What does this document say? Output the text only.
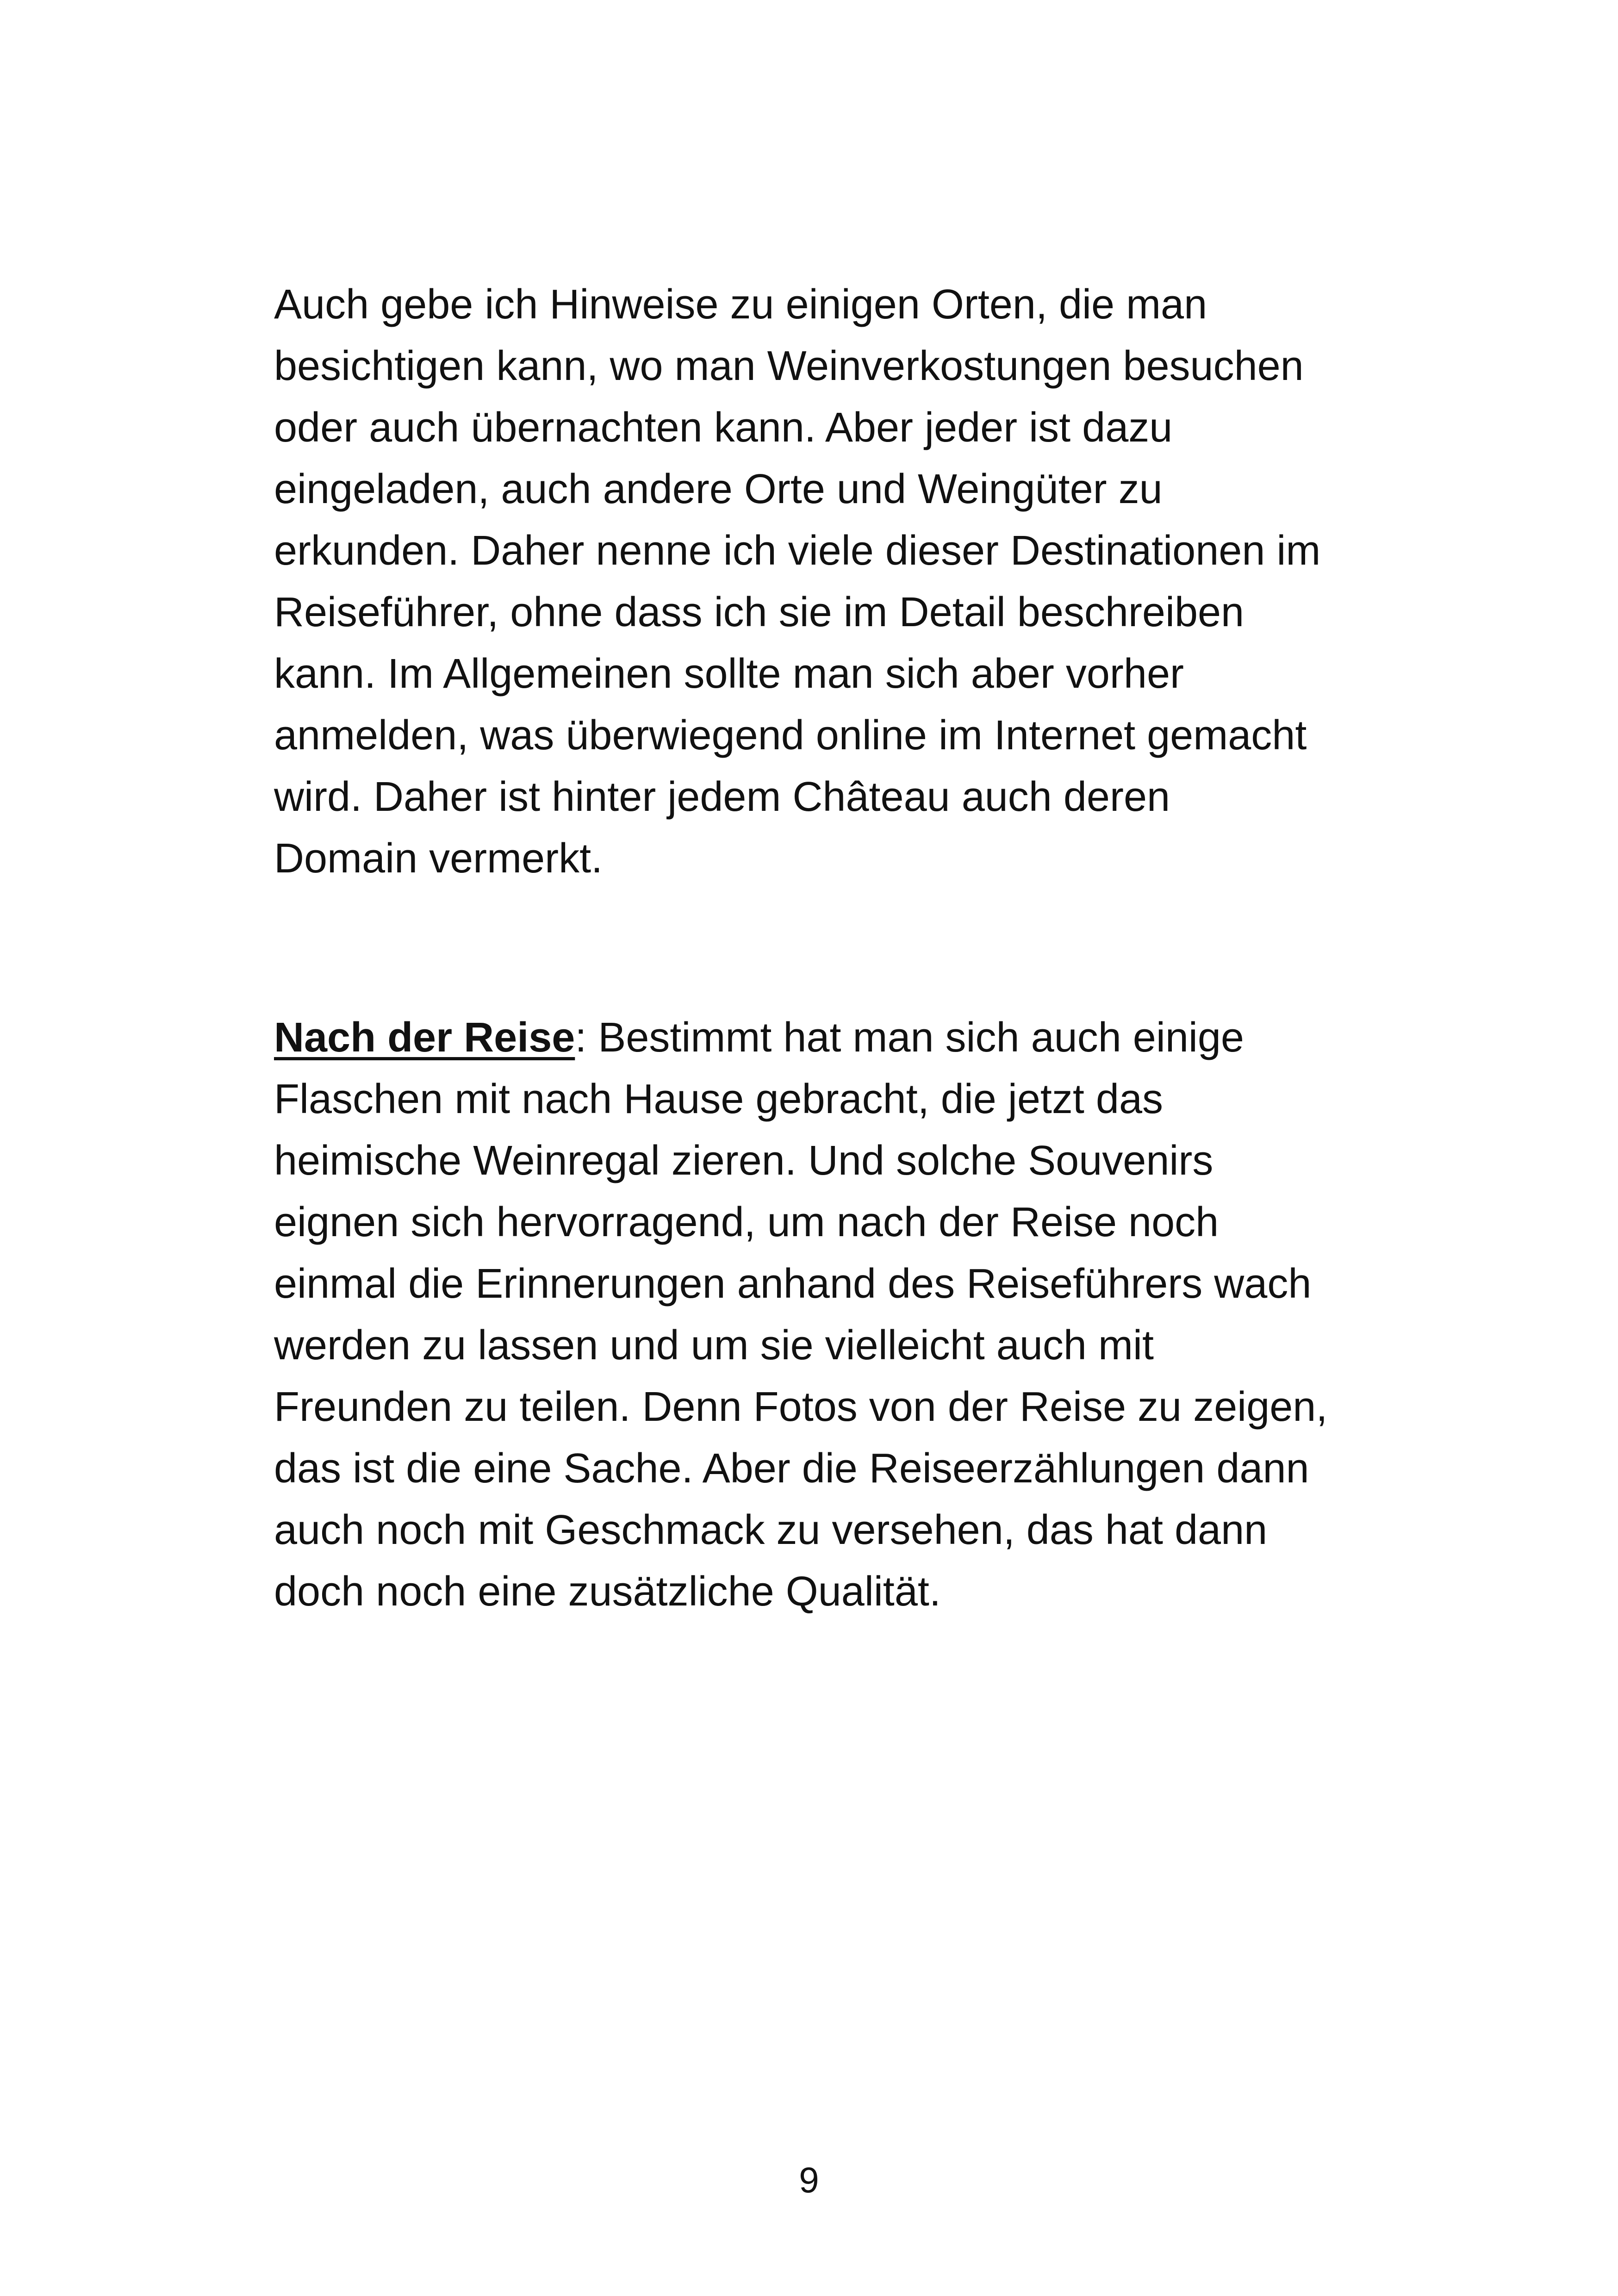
Auch gebe ich Hinweise zu einigen Orten, die man
besichtigen kann, wo man Weinverkostungen besuchen
oder auch übernachten kann. Aber jeder ist dazu
eingeladen, auch andere Orte und Weingüter zu
erkunden. Daher nenne ich viele dieser Destinationen im
Reiseführer, ohne dass ich sie im Detail beschreiben
kann. Im Allgemeinen sollte man sich aber vorher
anmelden, was überwiegend online im Internet gemacht
wird. Daher ist hinter jedem Château auch deren
Domain vermerkt.

Nach der Reise: Bestimmt hat man sich auch einige
Flaschen mit nach Hause gebracht, die jetzt das
heimische Weinregal zieren. Und solche Souvenirs
eignen sich hervorragend, um nach der Reise noch
einmal die Erinnerungen anhand des Reiseführers wach
werden zu lassen und um sie vielleicht auch mit
Freunden zu teilen. Denn Fotos von der Reise zu zeigen,
das ist die eine Sache. Aber die Reiseerzählungen dann
auch noch mit Geschmack zu versehen, das hat dann
doch noch eine zusätzliche Qualität.

9
